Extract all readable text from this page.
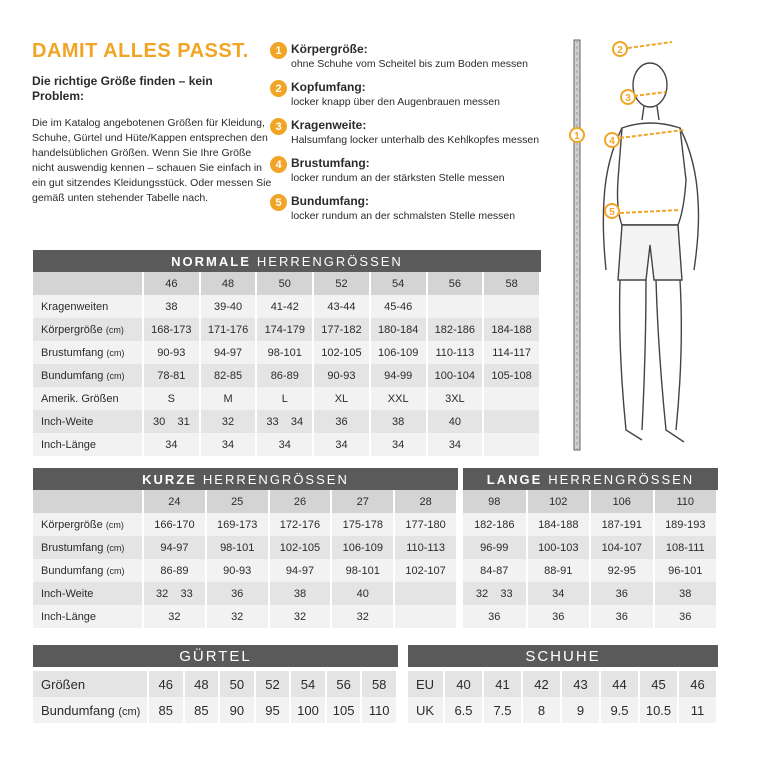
DAMIT ALLES PASST.
Die richtige Größe finden – kein Problem:
Die im Katalog angebotenen Größen für Kleidung, Schuhe, Gürtel und Hüte/Kappen entsprechen den handelsüblichen Größen. Wenn Sie Ihre Größe nicht auswendig kennen – schauen Sie einfach in ein gut sitzendes Kleidungsstück. Oder messen Sie gemäß unten stehender Tabelle nach.
1 Körpergröße:
ohne Schuhe vom Scheitel bis zum Boden messen
2 Kopfumfang:
locker knapp über den Augenbrauen messen
3 Kragenweite:
Halsumfang locker unterhalb des Kehlkopfes messen
4 Brustumfang:
locker rundum an der stärksten Stelle messen
5 Bundumfang:
locker rundum an der schmalsten Stelle messen
2
3
1	4
5
NORMALE HERRENGRÖSSEN
	46	48	50	52	54	56	58
Kragenweiten	38	39-40	41-42	43-44	45-46		
Körpergröße (cm)	168-173	171-176	174-179	177-182	180-184	182-186	184-188
Brustumfang (cm)	90-93	94-97	98-101	102-105	106-109	110-113	114-117
Bundumfang (cm)	78-81	82-85	86-89	90-93	94-99	100-104	105-108
Amerik. Größen	S	M	L	XL	XXL	3XL	
Inch-Weite	30    31	32	33    34	36	38	40	
Inch-Länge	34	34	34	34	34	34	
KURZE HERRENGRÖSSEN
	24	25	26	27	28
Körpergröße (cm)	166-170	169-173	172-176	175-178	177-180
Brustumfang (cm)	94-97	98-101	102-105	106-109	110-113
Bundumfang (cm)	86-89	90-93	94-97	98-101	102-107
Inch-Weite	32    33	36	38	40	
Inch-Länge	32	32	32	32	
LANGE HERRENGRÖSSEN
98	102	106	110
182-186	184-188	187-191	189-193
96-99	100-103	104-107	108-111
84-87	88-91	92-95	96-101
32    33	34	36	38
36	36	36	36
GÜRTEL
Größen	46	48	50	52	54	56	58
Bundumfang (cm)	85	85	90	95	100	105	110
SCHUHE
EU	40	41	42	43	44	45	46
UK	6.5	7.5	8	9	9.5	10.5	11
